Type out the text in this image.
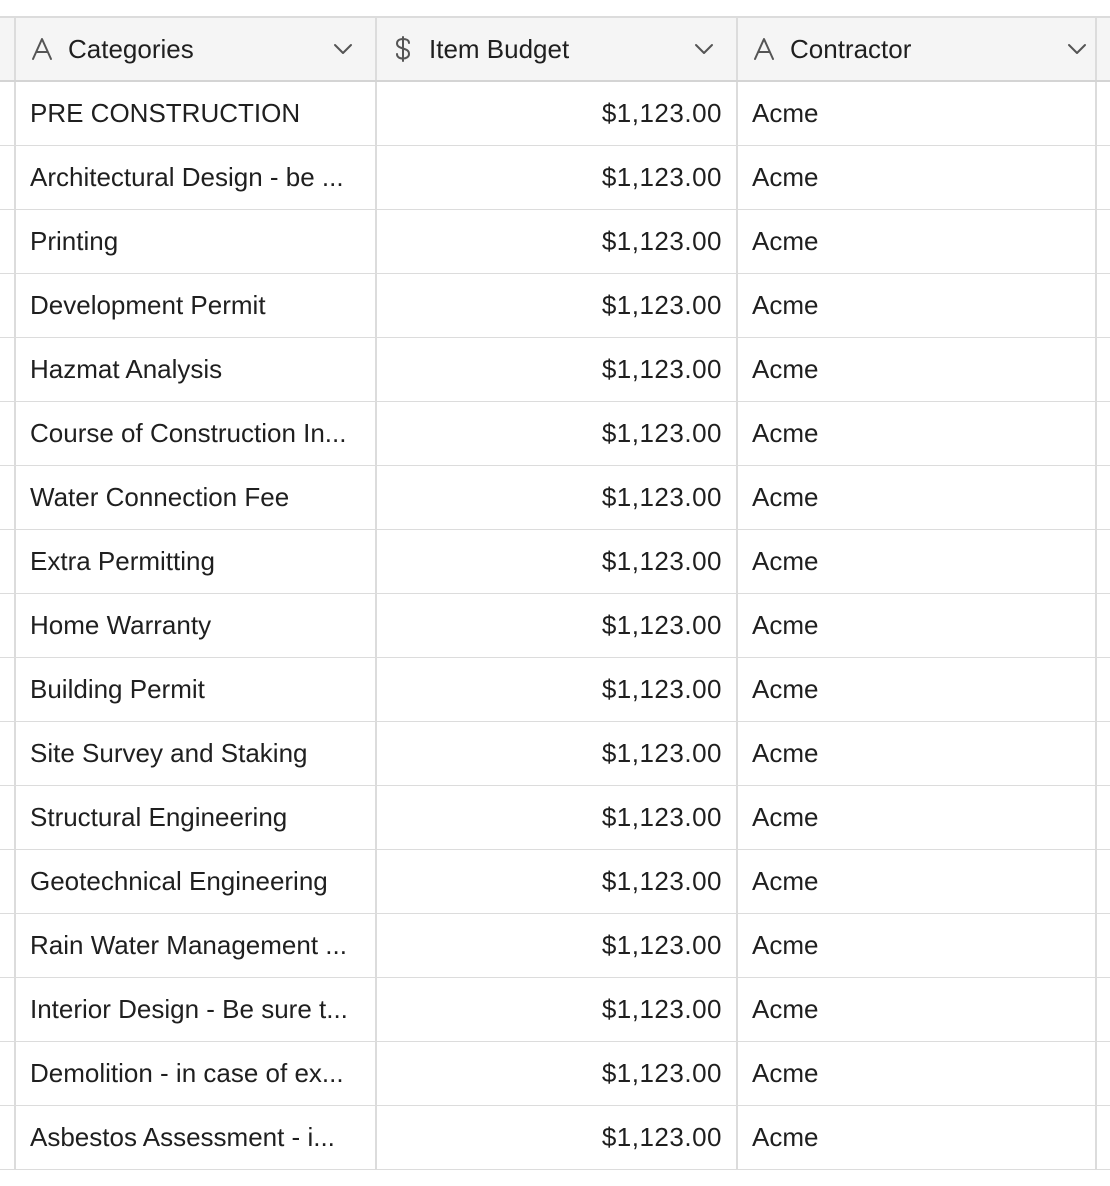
Categories	Item Budget	Contractor
PRE CONSTRUCTION	$1,123.00 Acme
Architectural Design - be ...	$1,123.00 Acme
Printing	$1,123.00 Acme
Development Permit	$1,123.00 Acme
Hazmat Analysis	$1,123.00 Acme
Course of Construction In...	$1,123.00 Acme
Water Connection Fee	$1,123.00 Acme
Extra Permitting	$1,123.00 Acme
Home Warranty	$1,123.00 Acme
Building Permit	$1,123.00 Acme
Site Survey and Staking	$1,123.00 Acme
Structural Engineering	$1,123.00 Acme
Geotechnical Engineering	$1,123.00 Acme
Rain Water Management ...	$1,123.00 Acme
Interior Design - Be sure t...	$1,123.00 Acme
Demolition - in case of ex...	$1,123.00 Acme
Asbestos Assessment - i...	$1,123.00 Acme
